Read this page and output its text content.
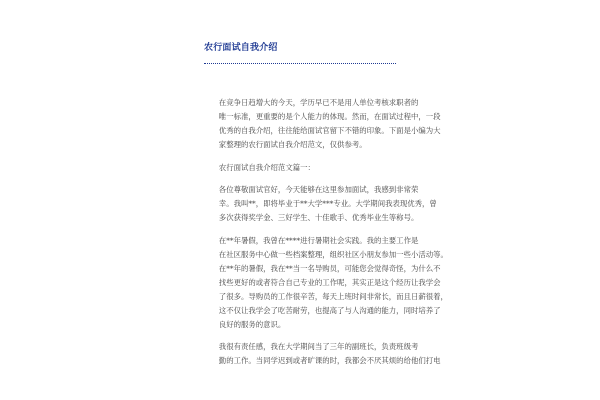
农行面试自我介绍

在竞争日趋增大的今天，学历早已不是用人单位考核求职者的
唯一标准，更重要的是个人能力的体现。然而，在面试过程中，一段
优秀的自我介绍，往往能给面试官留下不错的印象。下面是小编为大
家整理的农行面试自我介绍范文，仅供参考。

农行面试自我介绍范文篇一：

各位尊敬面试官好，今天能够在这里参加面试，我感到非常荣
幸。我叫**，即将毕业于**大学***专业。大学期间我表现优秀，曾
多次获得奖学金、三好学生、十佳歌手、优秀毕业生等称号。

在**年暑假，我曾在****进行暑期社会实践。我的主要工作是
在社区服务中心做一些档案整理，组织社区小朋友参加一些小活动等。
在**年的暑假，我在**当一名导购员，可能您会觉得奇怪，为什么不
找些更好的或者符合自己专业的工作呢，其实正是这个经历让我学会
了很多。导购员的工作很辛苦，每天上班时间非常长，而且日薪很着，
这不仅让我学会了吃苦耐劳，也提高了与人沟通的能力，同时培养了
良好的服务的意识。

我很有责任感，我在大学期间当了三年的副班长，负责班级考
勤的工作。当同学迟到或者旷课的时，我都会不厌其烦的给他们打电
